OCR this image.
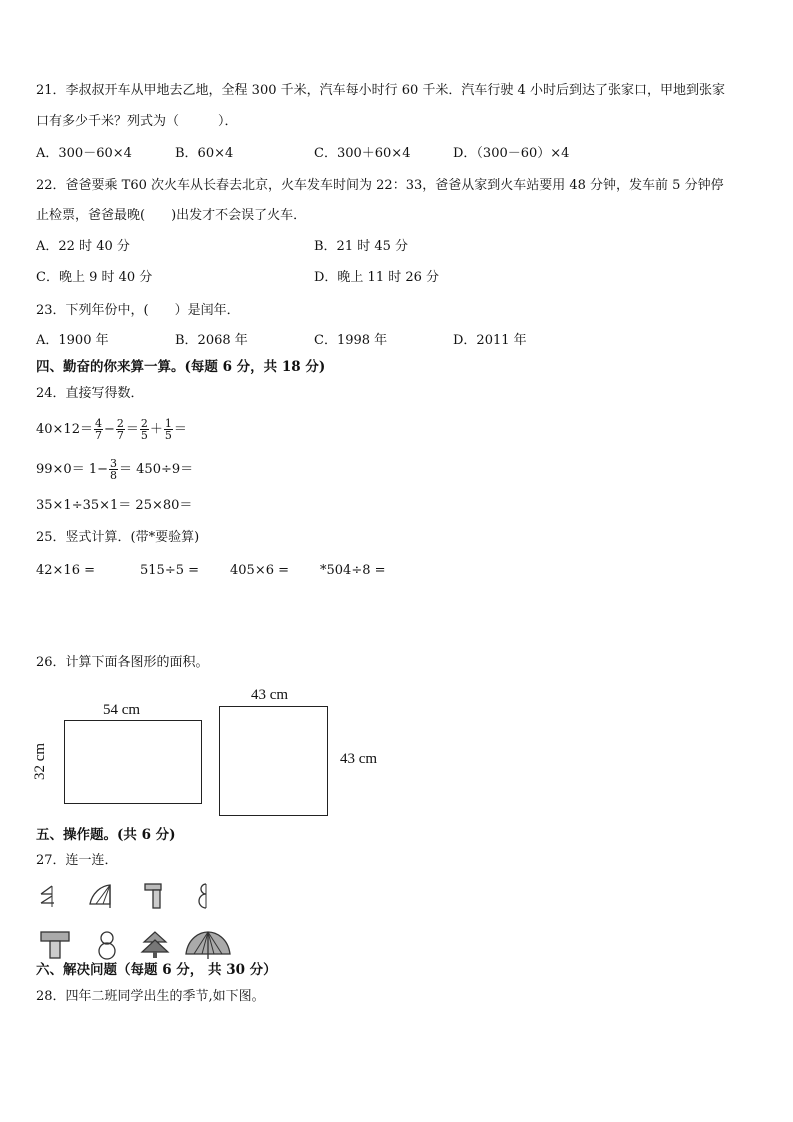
21．李叔叔开车从甲地去乙地，全程 300 千米，汽车每小时行 60 千米．汽车行驶 4 小时后到达了张家口，甲地到张家
口有多少千米？列式为（　　　）．
A．300－60×4	B．60×4	C．300＋60×4	D．（300－60）×4
22．爸爸要乘 T60 次火车从长春去北京，火车发车时间为 22：33，爸爸从家到火车站要用 48 分钟，发车前 5 分钟停
止检票，爸爸最晚(　　)出发才不会误了火车．
A．22 时 40 分	B．21 时 45 分
C．晚上 9 时 40 分	D．晚上 11 时 26 分
23．下列年份中，(　　）是闰年．
A．1900 年	B．2068 年	C．1998 年	D．2011 年
四、勤奋的你来算一算。(每题 6 分，共 18 分)
24．直接写得数．
$40\times 12= \frac{4}{7} - \frac{2}{7} = \frac{2}{5} + \frac{1}{5}$ ＝
$99\times 0= 1- \frac{3}{8} = 450\div 9=$
35×1÷35×1＝ 25×80＝
25．竖式计算．(带*要验算)
42×16 =	515÷5 = 405×6 = *504÷8 =
26．计算下面各图形的面积。
54 cm
32 cm
43 cm
43 cm
五、操作题。(共 6 分)
27．连一连．
六、解决问题（每题 6 分， 共 30 分）
28．四年二班同学出生的季节,如下图。
